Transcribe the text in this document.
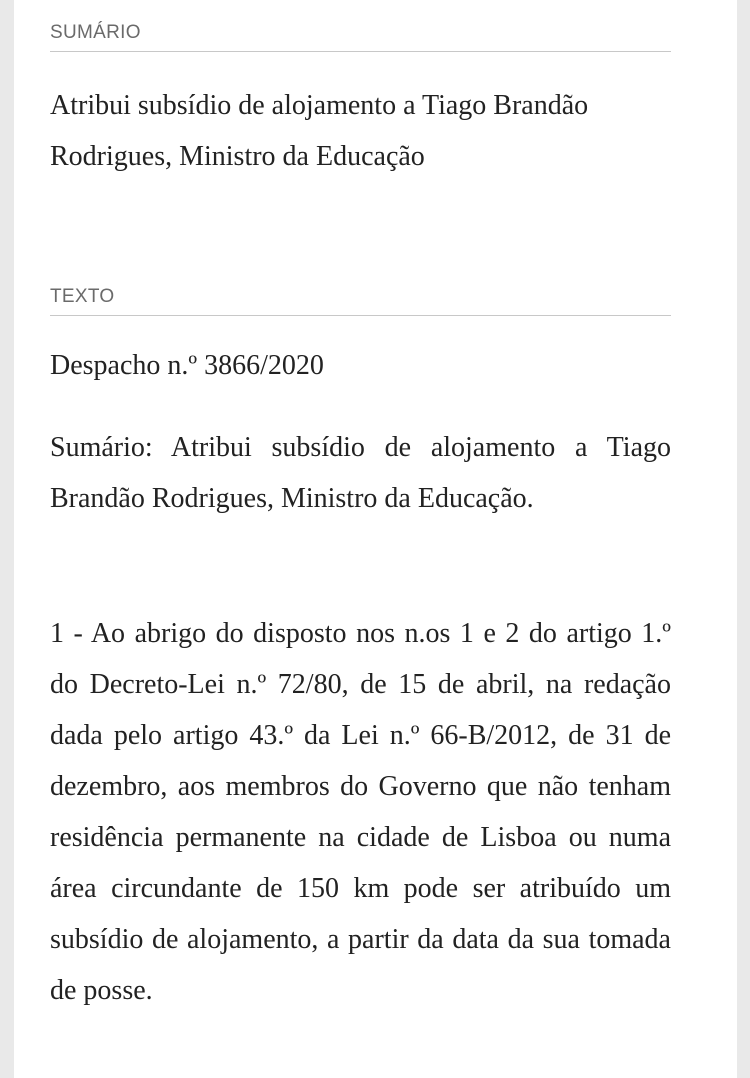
SUMÁRIO

Atribui subsídio de alojamento a Tiago Brandão Rodrigues, Ministro da Educação

TEXTO

Despacho n.º 3866/2020

Sumário: Atribui subsídio de alojamento a Tiago Brandão Rodrigues, Ministro da Educação.

1 - Ao abrigo do disposto nos n.os 1 e 2 do artigo 1.º do Decreto-Lei n.º 72/80, de 15 de abril, na redação dada pelo artigo 43.º da Lei n.º 66-B/2012, de 31 de dezembro, aos membros do Governo que não tenham residência permanente na cidade de Lisboa ou numa área circundante de 150 km pode ser atribuído um subsídio de alojamento, a partir da data da sua tomada de posse.
